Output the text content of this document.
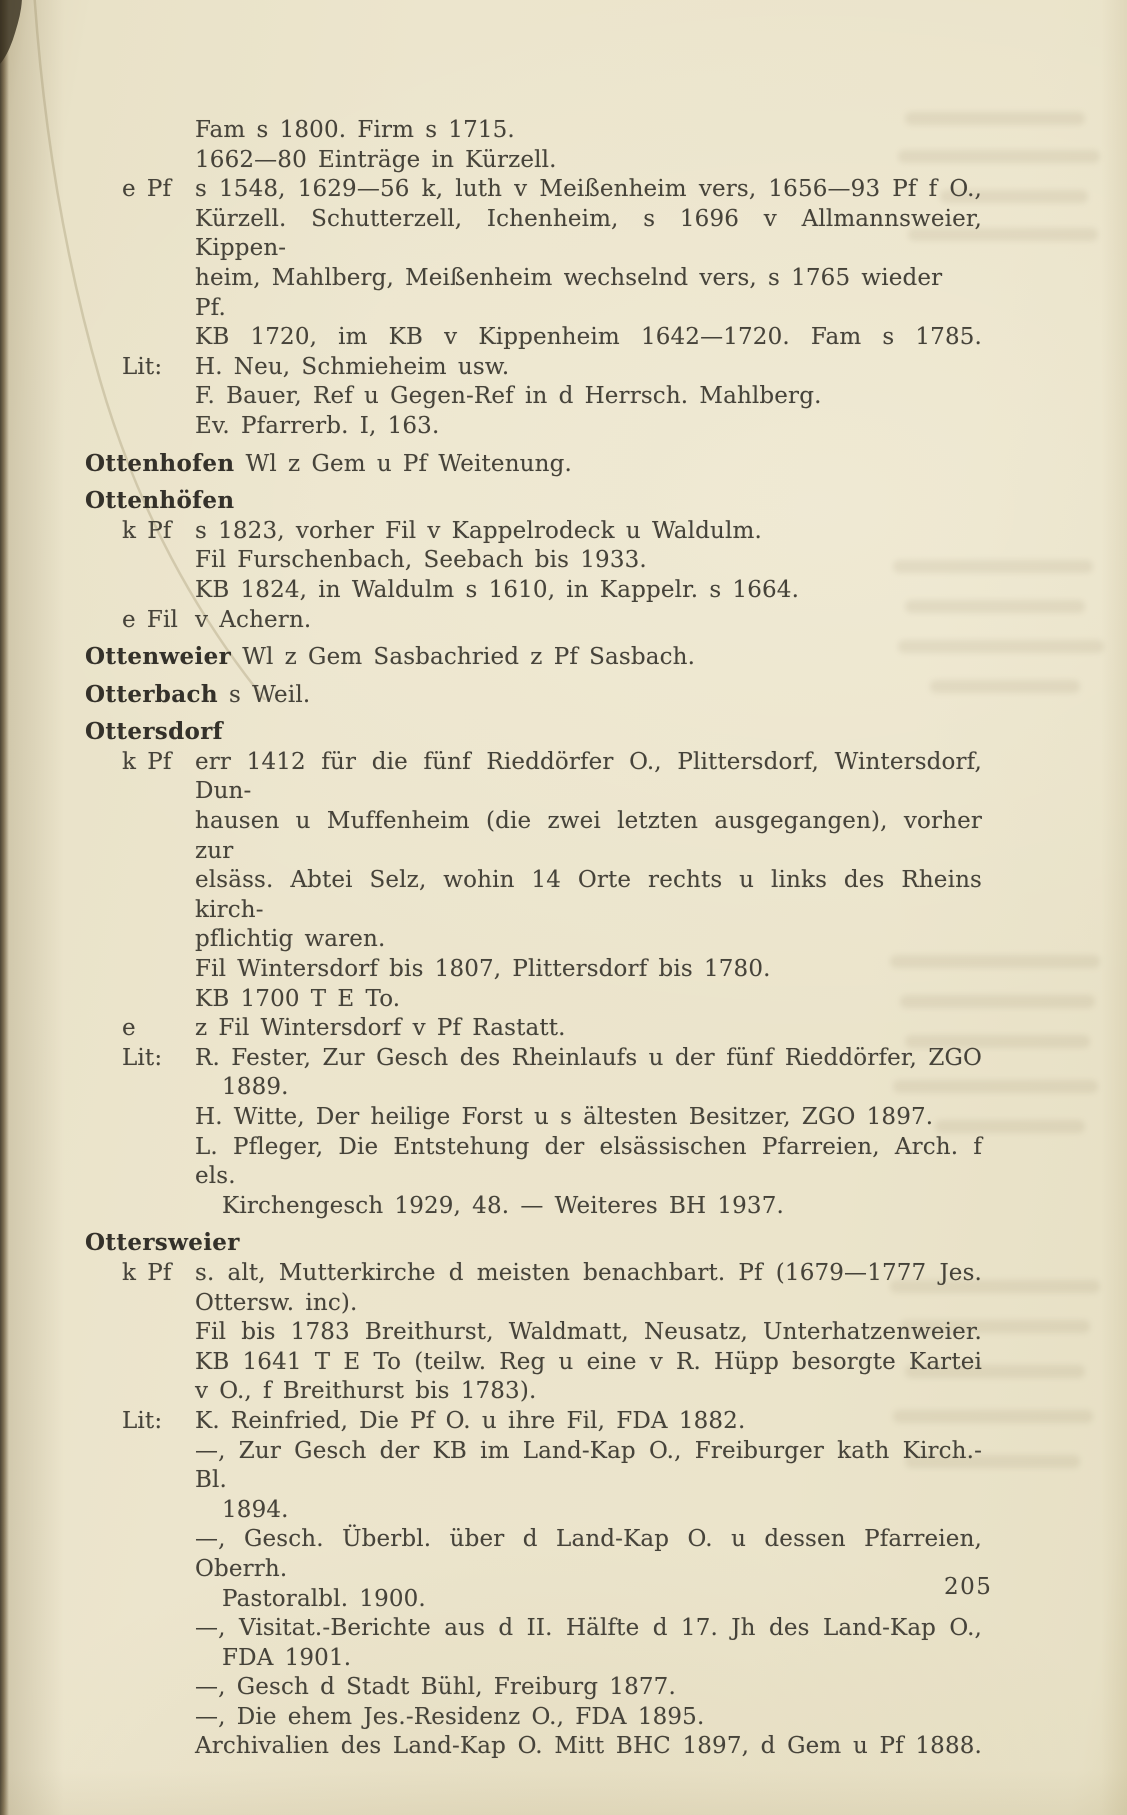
Fam s 1800. Firm s 1715.
1662—80 Einträge in Kürzell.
e Pf s 1548, 1629—56 k, luth v Meißenheim vers, 1656—93 Pf f O.,
Kürzell. Schutterzell, Ichenheim, s 1696 v Allmannsweier, Kippen-
heim, Mahlberg, Meißenheim wechselnd vers, s 1765 wieder Pf.
KB 1720, im KB v Kippenheim 1642—1720. Fam s 1785.
Lit: H. Neu, Schmieheim usw.
F. Bauer, Ref u Gegen-Ref in d Herrsch. Mahlberg.
Ev. Pfarrerb. I, 163.
Ottenhofen Wl z Gem u Pf Weitenung.
Ottenhöfen
k Pf s 1823, vorher Fil v Kappelrodeck u Waldulm.
Fil Furschenbach, Seebach bis 1933.
KB 1824, in Waldulm s 1610, in Kappelr. s 1664.
e Fil v Achern.
Ottenweier Wl z Gem Sasbachried z Pf Sasbach.
Otterbach s Weil.
Ottersdorf
k Pf err 1412 für die fünf Rieddörfer O., Plittersdorf, Wintersdorf, Dun-
hausen u Muffenheim (die zwei letzten ausgegangen), vorher zur
elsäss. Abtei Selz, wohin 14 Orte rechts u links des Rheins kirch-
pflichtig waren.
Fil Wintersdorf bis 1807, Plittersdorf bis 1780.
KB 1700 T E To.
e	z Fil Wintersdorf v Pf Rastatt.
Lit: R. Fester, Zur Gesch des Rheinlaufs u der fünf Rieddörfer, ZGO
1889.
H. Witte, Der heilige Forst u s ältesten Besitzer, ZGO 1897.
L. Pfleger, Die Entstehung der elsässischen Pfarreien, Arch. f els.
Kirchengesch 1929, 48. — Weiteres BH 1937.
Ottersweier
k Pf s. alt, Mutterkirche d meisten benachbart. Pf (1679—1777 Jes.
Ottersw. inc).
Fil bis 1783 Breithurst, Waldmatt, Neusatz, Unterhatzenweier.
KB 1641 T E To (teilw. Reg u eine v R. Hüpp besorgte Kartei
v O., f Breithurst bis 1783).
Lit: K. Reinfried, Die Pf O. u ihre Fil, FDA 1882.
—, Zur Gesch der KB im Land-Kap O., Freiburger kath Kirch.-Bl.
1894.
—, Gesch. Überbl. über d Land-Kap O. u dessen Pfarreien, Oberrh.
Pastoralbl. 1900.
—, Visitat.-Berichte aus d II. Hälfte d 17. Jh des Land-Kap O.,
FDA 1901.
—, Gesch d Stadt Bühl, Freiburg 1877.
—, Die ehem Jes.-Residenz O., FDA 1895.
Archivalien des Land-Kap O. Mitt BHC 1897, d Gem u Pf 1888.
205
